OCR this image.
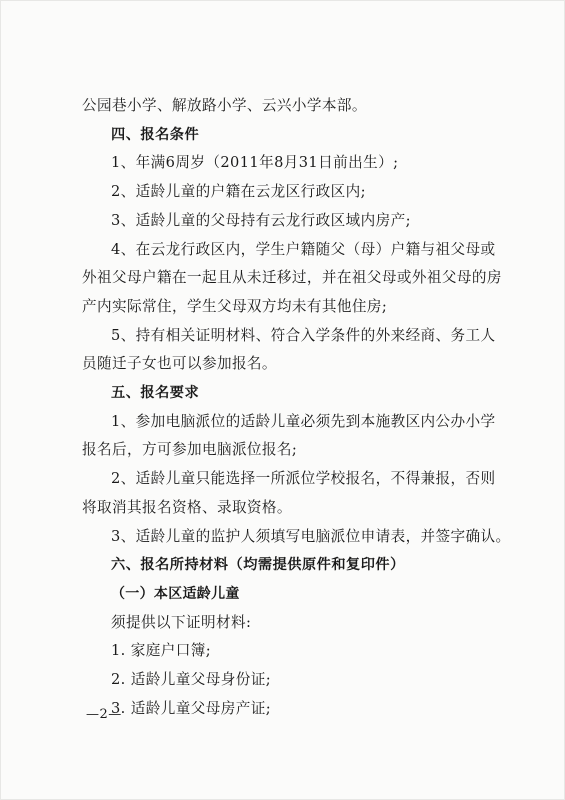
公园巷小学、解放路小学、云兴小学本部。
四、报名条件
1、年满6周岁（2011年8月31日前出生）;
2、适龄儿童的户籍在云龙区行政区内;
3、适龄儿童的父母持有云龙行政区域内房产;
4、在云龙行政区内，学生户籍随父（母）户籍与祖父母或
外祖父母户籍在一起且从未迁移过，并在祖父母或外祖父母的房
产内实际常住，学生父母双方均未有其他住房;
5、持有相关证明材料、符合入学条件的外来经商、务工人
员随迁子女也可以参加报名。
五、报名要求
1、参加电脑派位的适龄儿童必须先到本施教区内公办小学
报名后，方可参加电脑派位报名;
2、适龄儿童只能选择一所派位学校报名，不得兼报，否则
将取消其报名资格、录取资格。
3、适龄儿童的监护人须填写电脑派位申请表，并签字确认。
六、报名所持材料（均需提供原件和复印件）
（一）本区适龄儿童
须提供以下证明材料:
1. 家庭户口簿;
2. 适龄儿童父母身份证;
3. 适龄儿童父母房产证;
—2—
